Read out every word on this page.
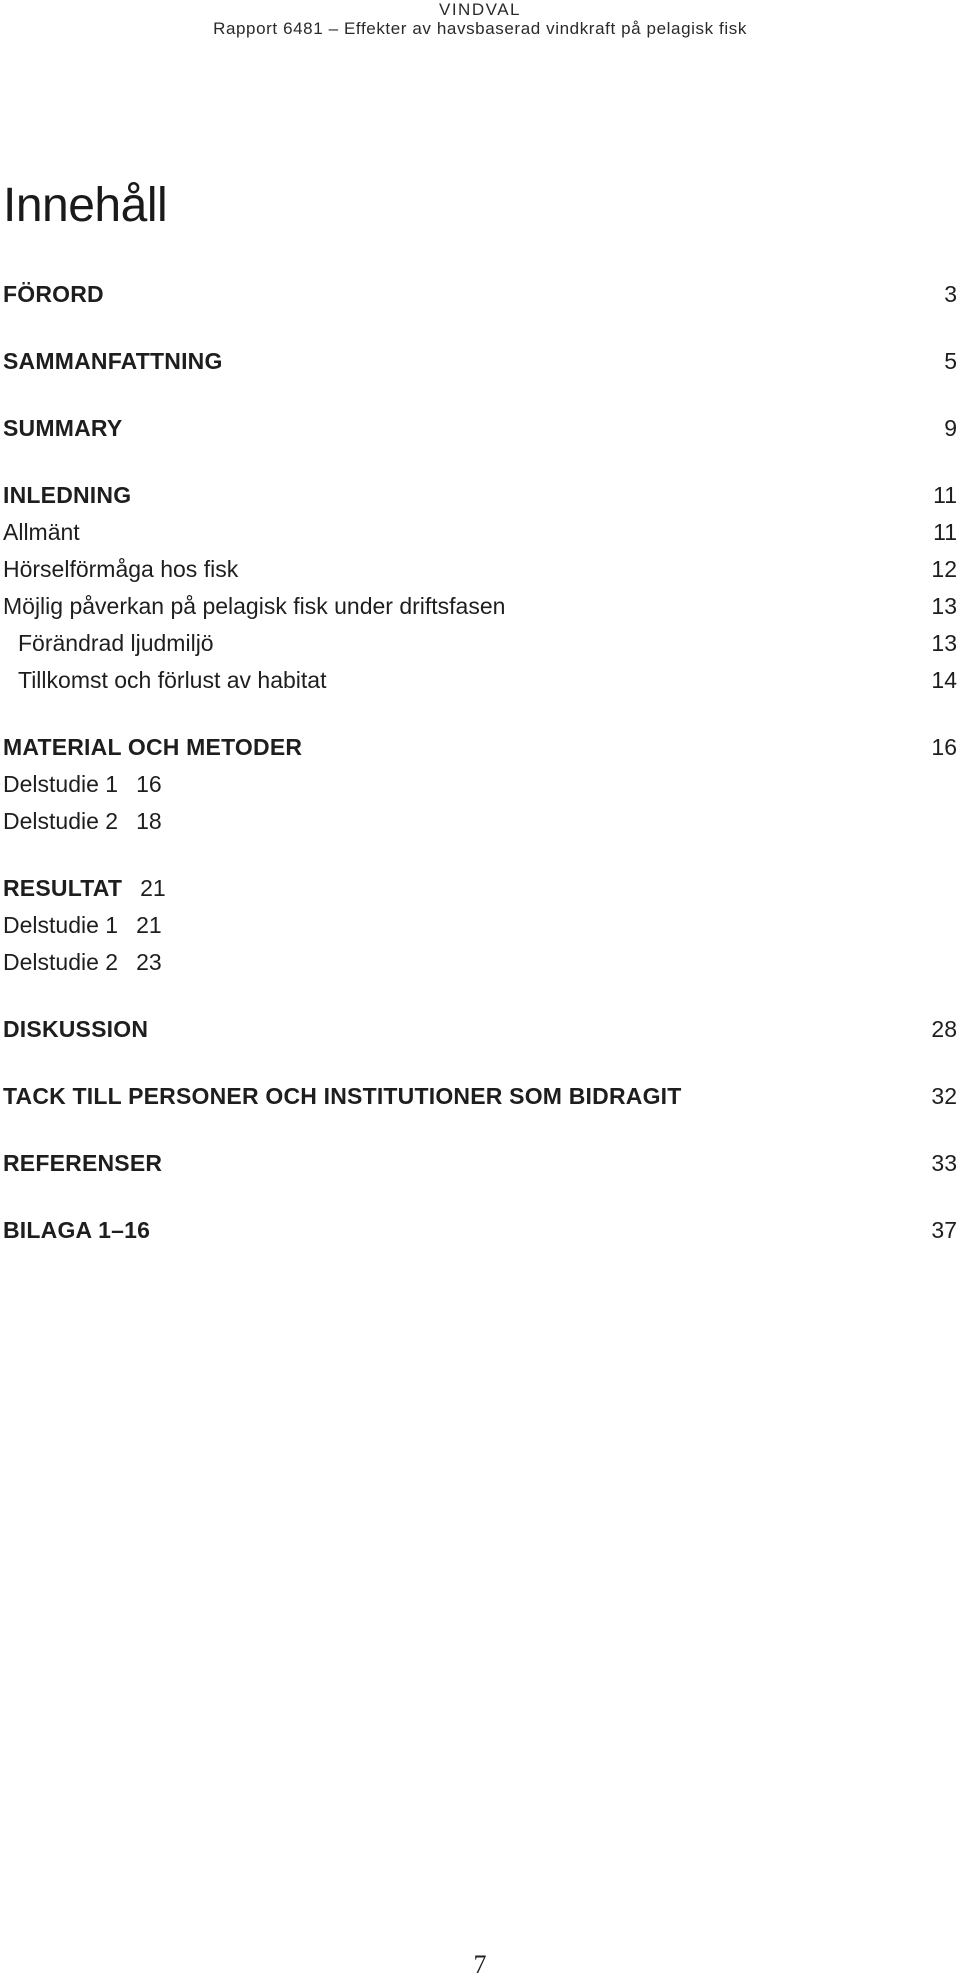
VINDVAL
Rapport 6481 – Effekter av havsbaserad vindkraft på pelagisk fisk
Innehåll
FÖRORD	3
SAMMANFATTNING	5
SUMMARY	9
INLEDNING	11
Allmänt	11
Hörselförmåga hos fisk	12
Möjlig påverkan på pelagisk fisk under driftsfasen	13
Förändrad ljudmiljö	13
Tillkomst och förlust av habitat	14
MATERIAL OCH METODER	16
Delstudie 1 16
Delstudie 2 18
RESULTAT 21
Delstudie 1 21
Delstudie 2 23
DISKUSSION	28
TACK TILL PERSONER OCH INSTITUTIONER SOM BIDRAGIT	32
REFERENSER	33
BILAGA 1–16	37
7
